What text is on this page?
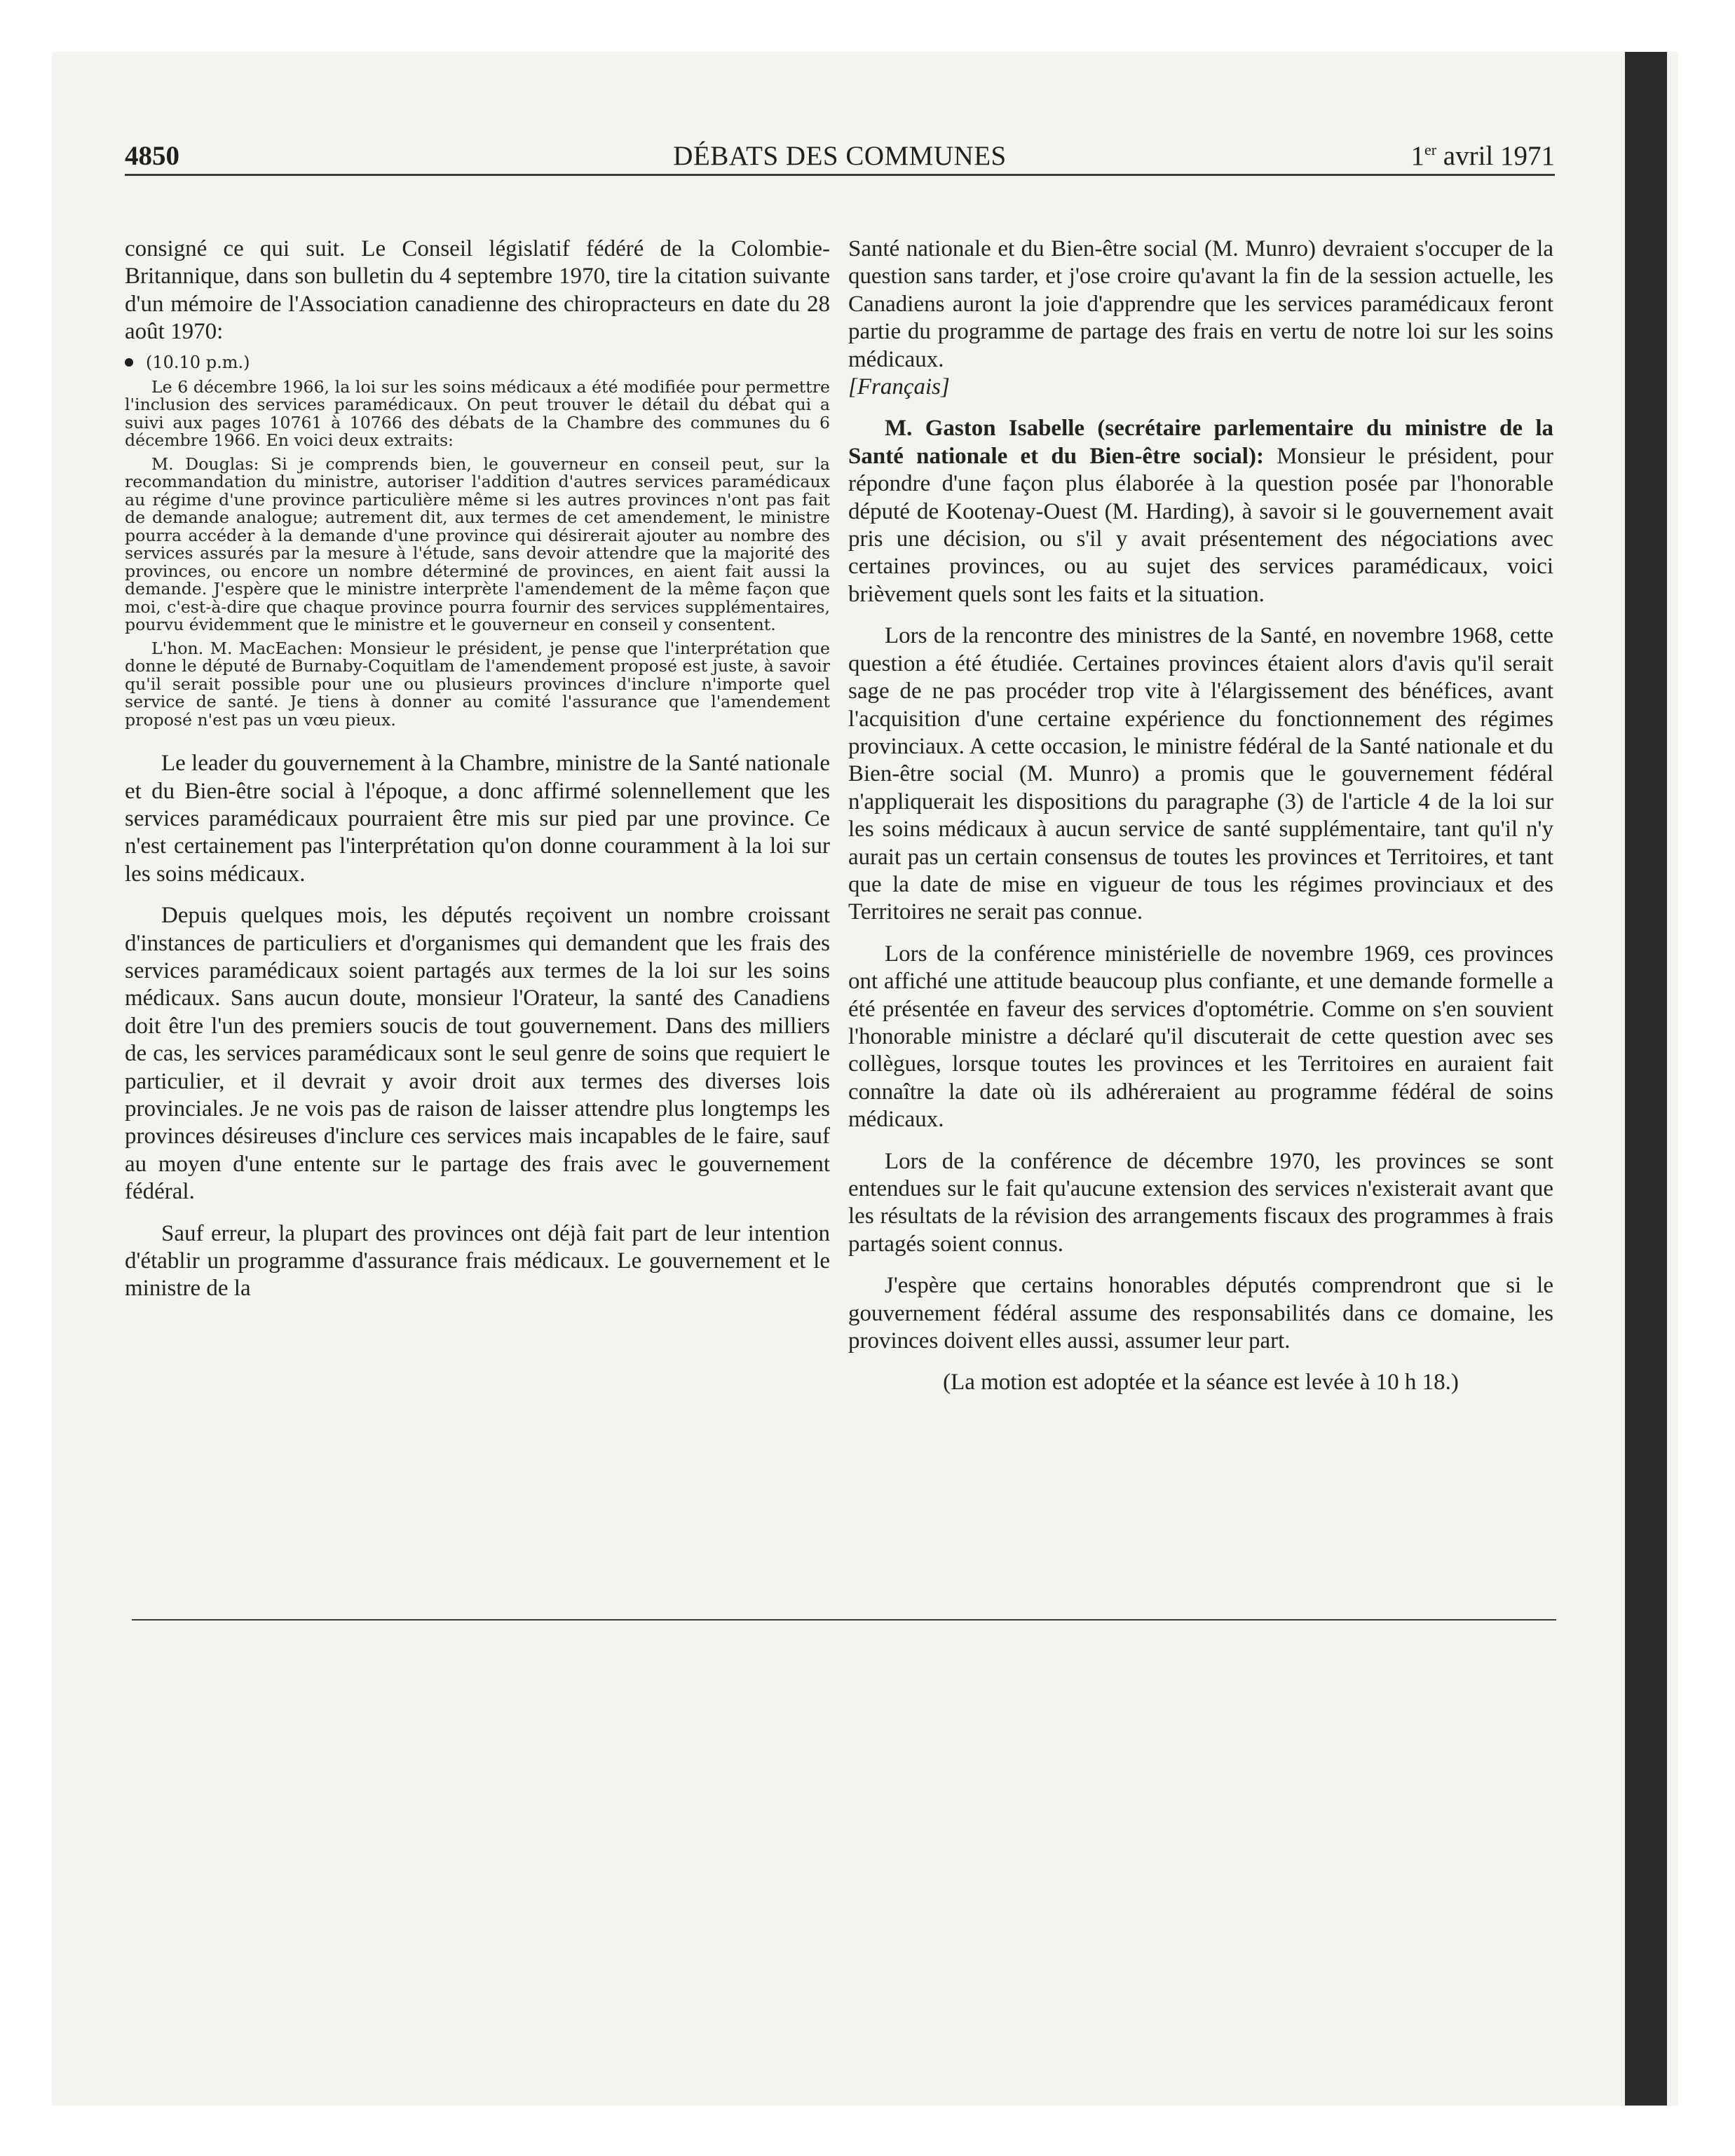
4850	DÉBATS DES COMMUNES	1er avril 1971

consigné ce qui suit. Le Conseil législatif fédéré de la Colombie-Britannique, dans son bulletin du 4 septembre 1970, tire la citation suivante d'un mémoire de l'Association canadienne des chiropracteurs en date du 28 août 1970:

(10.10 p.m.)

Le 6 décembre 1966, la loi sur les soins médicaux a été modifiée pour permettre l'inclusion des services paramédicaux. On peut trouver le détail du débat qui a suivi aux pages 10761 à 10766 des débats de la Chambre des communes du 6 décembre 1966. En voici deux extraits:

M. Douglas: Si je comprends bien, le gouverneur en conseil peut, sur la recommandation du ministre, autoriser l'addition d'autres services paramédicaux au régime d'une province particulière même si les autres provinces n'ont pas fait de demande analogue; autrement dit, aux termes de cet amendement, le ministre pourra accéder à la demande d'une province qui désirerait ajouter au nombre des services assurés par la mesure à l'étude, sans devoir attendre que la majorité des provinces, ou encore un nombre déterminé de provinces, en aient fait aussi la demande. J'espère que le ministre interprète l'amendement de la même façon que moi, c'est-à-dire que chaque province pourra fournir des services supplémentaires, pourvu évidemment que le ministre et le gouverneur en conseil y consentent.

L'hon. M. MacEachen: Monsieur le président, je pense que l'interprétation que donne le député de Burnaby-Coquitlam de l'amendement proposé est juste, à savoir qu'il serait possible pour une ou plusieurs provinces d'inclure n'importe quel service de santé. Je tiens à donner au comité l'assurance que l'amendement proposé n'est pas un vœu pieux.

Le leader du gouvernement à la Chambre, ministre de la Santé nationale et du Bien-être social à l'époque, a donc affirmé solennellement que les services paramédicaux pourraient être mis sur pied par une province. Ce n'est certainement pas l'interprétation qu'on donne couramment à la loi sur les soins médicaux.

Depuis quelques mois, les députés reçoivent un nombre croissant d'instances de particuliers et d'organismes qui demandent que les frais des services paramédicaux soient partagés aux termes de la loi sur les soins médicaux. Sans aucun doute, monsieur l'Orateur, la santé des Canadiens doit être l'un des premiers soucis de tout gouvernement. Dans des milliers de cas, les services paramédicaux sont le seul genre de soins que requiert le particulier, et il devrait y avoir droit aux termes des diverses lois provinciales. Je ne vois pas de raison de laisser attendre plus longtemps les provinces désireuses d'inclure ces services mais incapables de le faire, sauf au moyen d'une entente sur le partage des frais avec le gouvernement fédéral.

Sauf erreur, la plupart des provinces ont déjà fait part de leur intention d'établir un programme d'assurance frais médicaux. Le gouvernement et le ministre de la

Santé nationale et du Bien-être social (M. Munro) devraient s'occuper de la question sans tarder, et j'ose croire qu'avant la fin de la session actuelle, les Canadiens auront la joie d'apprendre que les services paramédicaux feront partie du programme de partage des frais en vertu de notre loi sur les soins médicaux.

[Français]

M. Gaston Isabelle (secrétaire parlementaire du ministre de la Santé nationale et du Bien-être social): Monsieur le président, pour répondre d'une façon plus élaborée à la question posée par l'honorable député de Kootenay-Ouest (M. Harding), à savoir si le gouvernement avait pris une décision, ou s'il y avait présentement des négociations avec certaines provinces, ou au sujet des services paramédicaux, voici brièvement quels sont les faits et la situation.

Lors de la rencontre des ministres de la Santé, en novembre 1968, cette question a été étudiée. Certaines provinces étaient alors d'avis qu'il serait sage de ne pas procéder trop vite à l'élargissement des bénéfices, avant l'acquisition d'une certaine expérience du fonctionnement des régimes provinciaux. A cette occasion, le ministre fédéral de la Santé nationale et du Bien-être social (M. Munro) a promis que le gouvernement fédéral n'appliquerait les dispositions du paragraphe (3) de l'article 4 de la loi sur les soins médicaux à aucun service de santé supplémentaire, tant qu'il n'y aurait pas un certain consensus de toutes les provinces et Territoires, et tant que la date de mise en vigueur de tous les régimes provinciaux et des Territoires ne serait pas connue.

Lors de la conférence ministérielle de novembre 1969, ces provinces ont affiché une attitude beaucoup plus confiante, et une demande formelle a été présentée en faveur des services d'optométrie. Comme on s'en souvient l'honorable ministre a déclaré qu'il discuterait de cette question avec ses collègues, lorsque toutes les provinces et les Territoires en auraient fait connaître la date où ils adhéreraient au programme fédéral de soins médicaux.

Lors de la conférence de décembre 1970, les provinces se sont entendues sur le fait qu'aucune extension des services n'existerait avant que les résultats de la révision des arrangements fiscaux des programmes à frais partagés soient connus.

J'espère que certains honorables députés comprendront que si le gouvernement fédéral assume des responsabilités dans ce domaine, les provinces doivent elles aussi, assumer leur part.

(La motion est adoptée et la séance est levée à 10 h 18.)
